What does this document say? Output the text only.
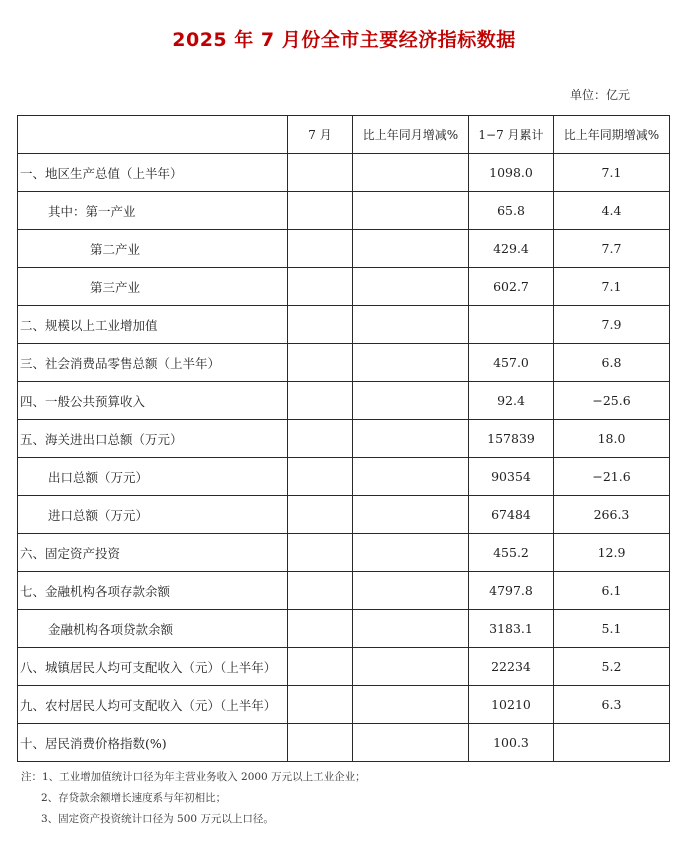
2025 年 7 月份全市主要经济指标数据
单位：亿元
	7 月	比上年同月增减%	1−7 月累计	比上年同期增减%
一、地区生产总值（上半年）			1098.0	7.1
其中：第一产业			65.8	4.4
第二产业			429.4	7.7
第三产业			602.7	7.1
二、规模以上工业增加值				7.9
三、社会消费品零售总额（上半年）			457.0	6.8
四、一般公共预算收入			92.4	−25.6
五、海关进出口总额（万元）			157839	18.0
出口总额（万元）			90354	−21.6
进口总额（万元）			67484	266.3
六、固定资产投资			455.2	12.9
七、金融机构各项存款余额			4797.8	6.1
金融机构各项贷款余额			3183.1	5.1
八、城镇居民人均可支配收入（元）（上半年）			22234	5.2
九、农村居民人均可支配收入（元）（上半年）			10210	6.3
十、居民消费价格指数(%)			100.3	
注：1、工业增加值统计口径为年主营业务收入 2000 万元以上工业企业；
2、存贷款余额增长速度系与年初相比；
3、固定资产投资统计口径为 500 万元以上口径。
